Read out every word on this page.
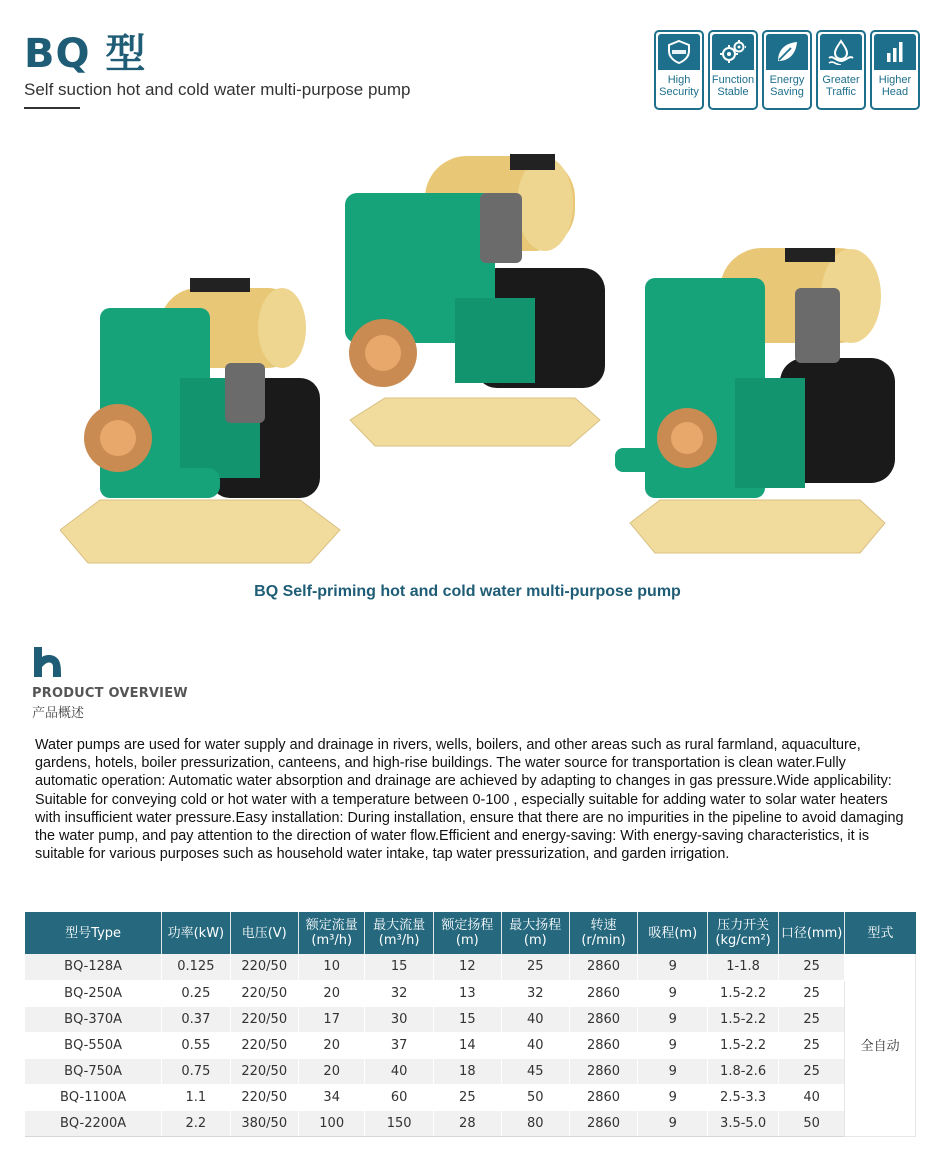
BQ 型
Self suction hot and cold water multi-purpose pump	High
Security
Function
Stable
Energy
Saving
Greater
Traffic
Higher
Head
BQ Self-priming hot and cold water multi-purpose pump
PRODUCT OVERVIEW
产品概述

Water pumps are used for water supply and drainage in rivers, wells, boilers, and other areas such as rural farmland, aquaculture, gardens, hotels, boiler pressurization, canteens, and high-rise buildings. The water source for transportation is clean water.Fully automatic operation: Automatic water absorption and drainage are achieved by adapting to changes in gas pressure.Wide applicability: Suitable for conveying cold or hot water with a temperature between 0-100 , especially suitable for adding water to solar water heaters with insufficient water pressure.Easy installation: During installation, ensure that there are no impurities in the pipeline to avoid damaging the water pump, and pay attention to the direction of water flow.Efficient and energy-saving: With energy-saving characteristics, it is suitable for various purposes such as household water intake, tap water pressurization, and garden irrigation.

型号Type	功率(kW)	电压(V)	额定流量
(m³/h)	最大流量
(m³/h)	额定扬程
(m)	最大扬程
(m)	转速
(r/min)	吸程(m)	压力开关
(kg/cm²)	口径(mm)	型式
BQ-128A	0.125	220/50	10	15	12	25	2860	9	1-1.8	25	全自动
BQ-250A	0.25	220/50	20	32	13	32	2860	9	1.5-2.2	25	
BQ-370A	0.37	220/50	17	30	15	40	2860	9	1.5-2.2	25	
BQ-550A	0.55	220/50	20	37	14	40	2860	9	1.5-2.2	25	
BQ-750A	0.75	220/50	20	40	18	45	2860	9	1.8-2.6	25	
BQ-1100A	1.1	220/50	34	60	25	50	2860	9	2.5-3.3	40	
BQ-2200A	2.2	380/50	100	150	28	80	2860	9	3.5-5.0	50	
